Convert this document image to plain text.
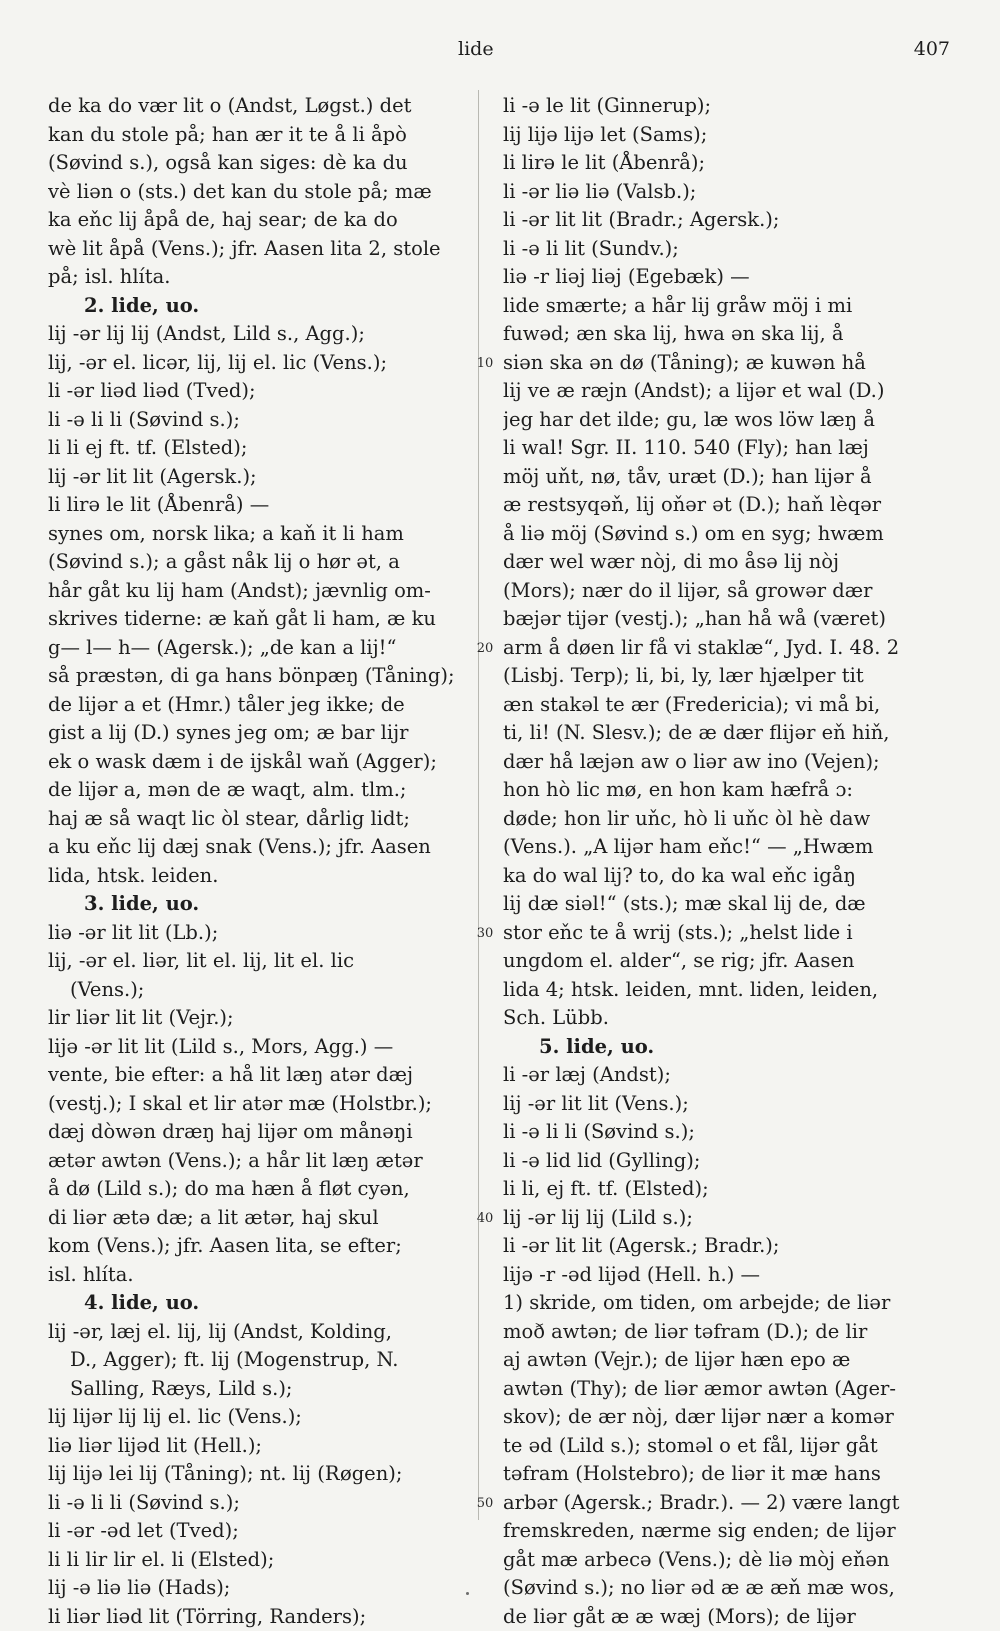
lide	407
de ka do vær lit o (Andst, Løgst.) det
kan du stole på; han ær it te å li åpò
(Søvind s.), også kan siges: dè ka du
vè liən o (sts.) det kan du stole på; mæ
ka eňc lij åpå de, haj sear; de ka do
wè lit åpå (Vens.); jfr. Aasen lita 2, stole
på; isl. hlíta.
2. lide, uo.
lij -ər lij lij (Andst, Lild s., Agg.);
lij, -ər el. licər, lij, lij el. lic (Vens.);
li -ər liəd liəd (Tved);
li -ə li li (Søvind s.);
li li ej ft. tf. (Elsted);
lij -ər lit lit (Agersk.);
li lirə le lit (Åbenrå) —
synes om, norsk lika; a kaň it li ham
(Søvind s.); a gåst nåk lij o hør ət, a
hår gåt ku lij ham (Andst); jævnlig om-
skrives tiderne: æ kaň gåt li ham, æ ku
g— l— h— (Agersk.); „de kan a lij!“
så præstən, di ga hans bönpæŋ (Tåning);
de lijər a et (Hmr.) tåler jeg ikke; de
gist a lij (D.) synes jeg om; æ bar lijr
ek o wask dæm i de ijskål waň (Agger);
de lijər a, mən de æ waqt, alm. tlm.;
haj æ så waqt lic òl stear, dårlig lidt;
a ku eňc lij dæj snak (Vens.); jfr. Aasen
lida, htsk. leiden.
3. lide, uo.
liə -ər lit lit (Lb.);
lij, -ər el. liər, lit el. lij, lit el. lic
(Vens.);
lir liər lit lit (Vejr.);
lijə -ər lit lit (Lild s., Mors, Agg.) —
vente, bie efter: a hå lit læŋ atər dæj
(vestj.); I skal et lir atər mæ (Holstbr.);
dæj dòwən dræŋ haj lijər om månəŋi
ætər awtən (Vens.); a hår lit læŋ ætər
å dø (Lild s.); do ma hæn å fløt cyən,
di liər ætə dæ; a lit ætər, haj skul
kom (Vens.); jfr. Aasen lita, se efter;
isl. hlíta.
4. lide, uo.
lij -ər, læj el. lij, lij (Andst, Kolding,
D., Agger); ft. lij (Mogenstrup, N.
Salling, Ræys, Lild s.);
lij lijər lij lij el. lic (Vens.);
liə liər lijəd lit (Hell.);
lij lijə lei lij (Tåning); nt. lij (Røgen);
li -ə li li (Søvind s.);
li -ər -əd let (Tved);
li li lir lir el. li (Elsted);
lij -ə liə liə (Hads);
li liər liəd lit (Törring, Randers);
li -ə le lit (Ginnerup);
lij lijə lijə let (Sams);
li lirə le lit (Åbenrå);
li -ər liə liə (Valsb.);
li -ər lit lit (Bradr.; Agersk.);
li -ə li lit (Sundv.);
liə -r liəj liəj (Egebæk) —
lide smærte; a hår lij gråw möj i mi
fuwəd; æn ska lij, hwa ən ska lij, å
siən ska ən dø (Tåning); æ kuwən hå
lij ve æ ræjn (Andst); a lijər et wal (D.)
jeg har det ilde; gu, læ wos löw læŋ å
li wal! Sgr. II. 110. 540 (Fly); han læj
möj uňt, nø, tåv, uræt (D.); han lijər å
æ restsyqəň, lij oňər ət (D.); haň lèqər
å liə möj (Søvind s.) om en syg; hwæm
dær wel wær nòj, di mo åsə lij nòj
(Mors); nær do il lijər, så growər dær
bæjər tijər (vestj.); „han hå wå (været)
arm å døen lir få vi staklæ“, Jyd. I. 48. 2
(Lisbj. Terp); li, bi, ly, lær hjælper tit
æn stakəl te ær (Fredericia); vi må bi,
ti, li! (N. Slesv.); de æ dær flijər eň hiň,
dær hå læjən aw o liər aw ino (Vejen);
hon hò lic mø, en hon kam hæfrå ɔ:
døde; hon lir uňc, hò li uňc òl hè daw
(Vens.). „A lijər ham eňc!“ — „Hwæm
ka do wal lij? to, do ka wal eňc igåŋ
lij dæ siəl!“ (sts.); mæ skal lij de, dæ
stor eňc te å wrij (sts.); „helst lide i
ungdom el. alder“, se rig; jfr. Aasen
lida 4; htsk. leiden, mnt. liden, leiden,
Sch. Lübb.
5. lide, uo.
li -ər læj (Andst);
lij -ər lit lit (Vens.);
li -ə li li (Søvind s.);
li -ə lid lid (Gylling);
li li, ej ft. tf. (Elsted);
lij -ər lij lij (Lild s.);
li -ər lit lit (Agersk.; Bradr.);
lijə -r -əd lijəd (Hell. h.) —
1) skride, om tiden, om arbejde; de liər
moð awtən; de liər təfram (D.); de lir
aj awtən (Vejr.); de lijər hæn epo æ
awtən (Thy); de liər æmor awtən (Ager-
skov); de ær nòj, dær lijər nær a komər
te əd (Lild s.); stoməl o et fål, lijər gåt
təfram (Holstebro); de liər it mæ hans
arbər (Agersk.; Bradr.). — 2) være langt
fremskreden, nærme sig enden; de lijər
gåt mæ arbecə (Vens.); dè liə mòj eňən
(Søvind s.); no liər əd æ æ æň mæ wos,
de liər gåt æ æ wæj (Mors); de lijər
10
20
30
40
50
